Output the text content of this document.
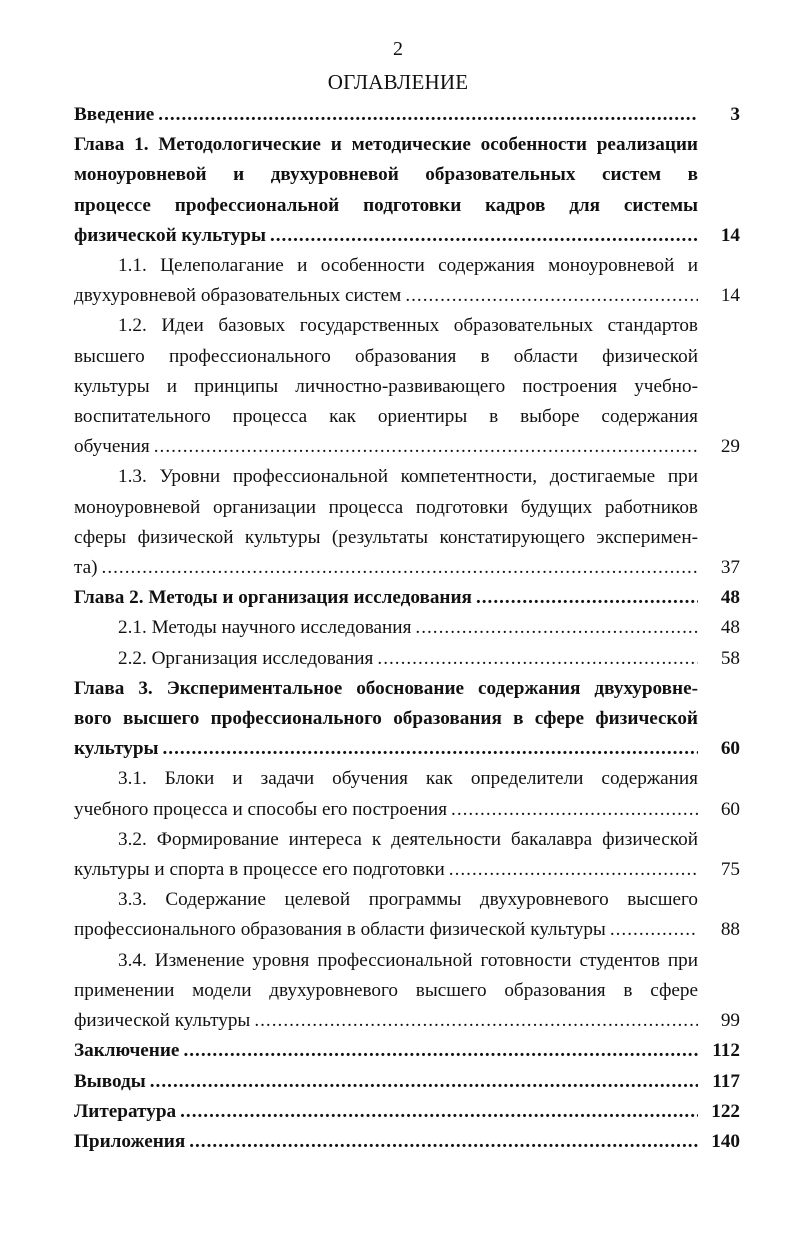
2
ОГЛАВЛЕНИЕ
Введение .....	3
Глава 1. Методологические и методические особенности реализации
моноуровневой и двухуровневой образовательных систем в
процессе профессиональной подготовки кадров для системы
физической культуры .....	14
1.1. Целеполагание и особенности содержания моноуровневой и
двухуровневой образовательных систем .....	14
1.2. Идеи базовых государственных образовательных стандартов
высшего профессионального образования в области физической
культуры и принципы личностно-развивающего построения учебно-
воспитательного процесса как ориентиры в выборе содержания
обучения .....	29
1.3. Уровни профессиональной компетентности, достигаемые при
моноуровневой организации процесса подготовки будущих работников
сферы физической культуры (результаты констатирующего эксперимен-
та) .....	37
Глава 2. Методы и организация исследования .....	48
2.1. Методы научного исследования .....	48
2.2. Организация исследования .....	58
Глава 3. Экспериментальное обоснование содержания двухуровне-
вого высшего профессионального образования в сфере физической
культуры .....	60
3.1. Блоки и задачи обучения как определители содержания
учебного процесса и способы его построения .....	60
3.2. Формирование интереса к деятельности бакалавра физической
культуры и спорта в процессе его подготовки .....	75
3.3. Содержание целевой программы двухуровневого высшего
профессионального образования в области физической культуры .....	88
3.4. Изменение уровня профессиональной готовности студентов при
применении модели двухуровневого высшего образования в сфере
физической культуры .....	99
Заключение .....	112
Выводы .....	117
Литература .....	122
Приложения .....	140
